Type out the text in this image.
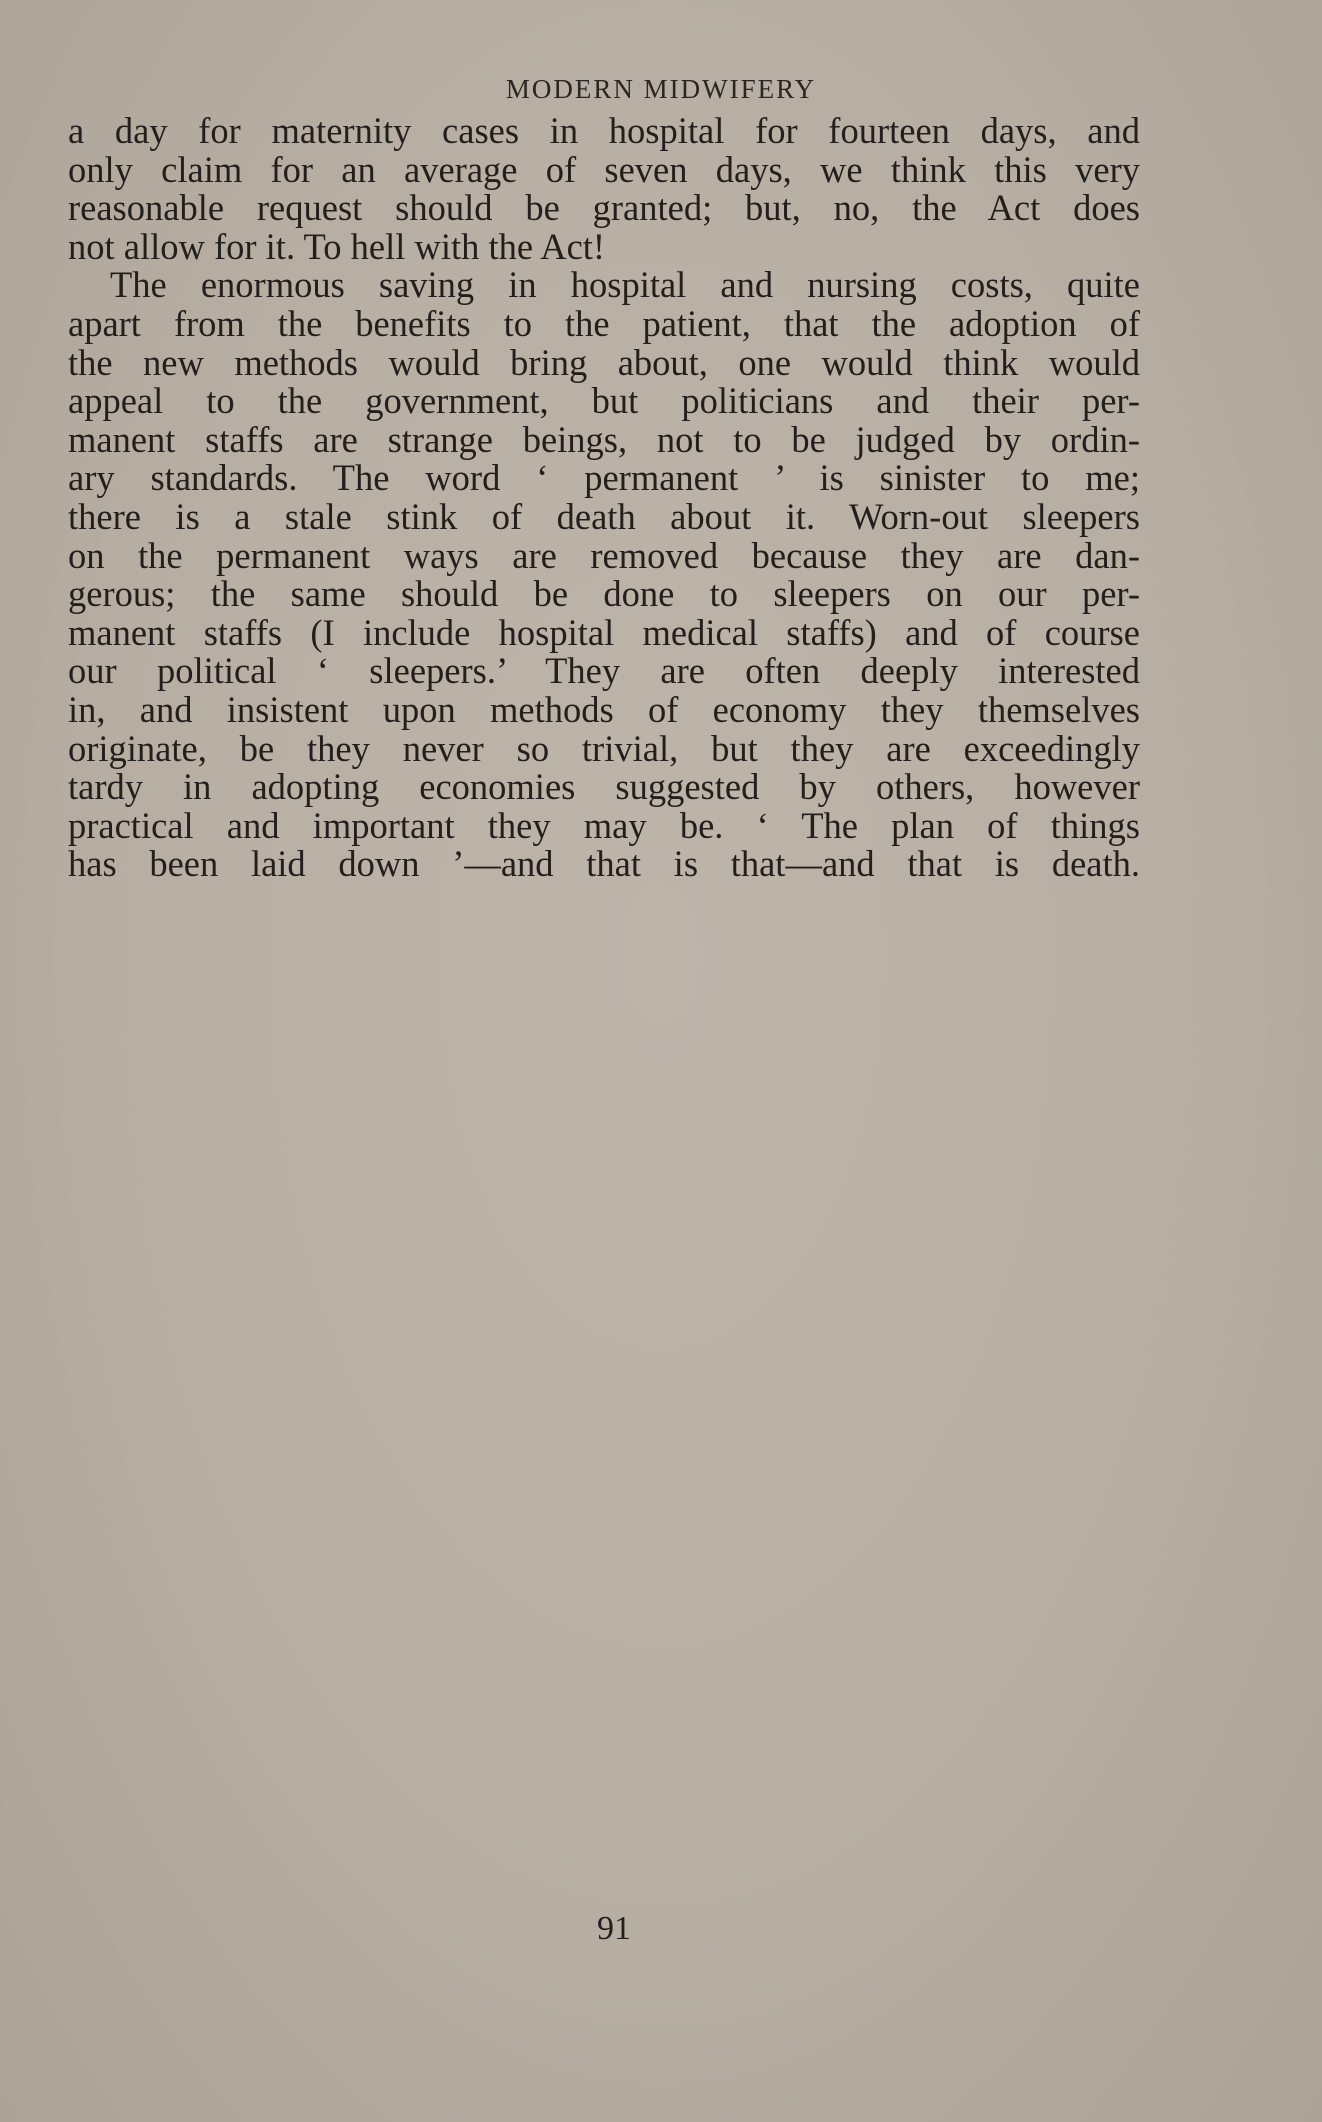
MODERN MIDWIFERY
a day for maternity cases in hospital for fourteen days, and
only claim for an average of seven days, we think this very
reasonable request should be granted; but, no, the Act does
not allow for it. To hell with the Act!
The enormous saving in hospital and nursing costs, quite
apart from the benefits to the patient, that the adoption of
the new methods would bring about, one would think would
appeal to the government, but politicians and their per-
manent staffs are strange beings, not to be judged by ordin-
ary standards. The word ‘ permanent ’ is sinister to me;
there is a stale stink of death about it. Worn-out sleepers
on the permanent ways are removed because they are dan-
gerous; the same should be done to sleepers on our per-
manent staffs (I include hospital medical staffs) and of course
our political ‘ sleepers.’ They are often deeply interested
in, and insistent upon methods of economy they themselves
originate, be they never so trivial, but they are exceedingly
tardy in adopting economies suggested by others, however
practical and important they may be. ‘ The plan of things
has been laid down ’—and that is that—and that is death.
91
